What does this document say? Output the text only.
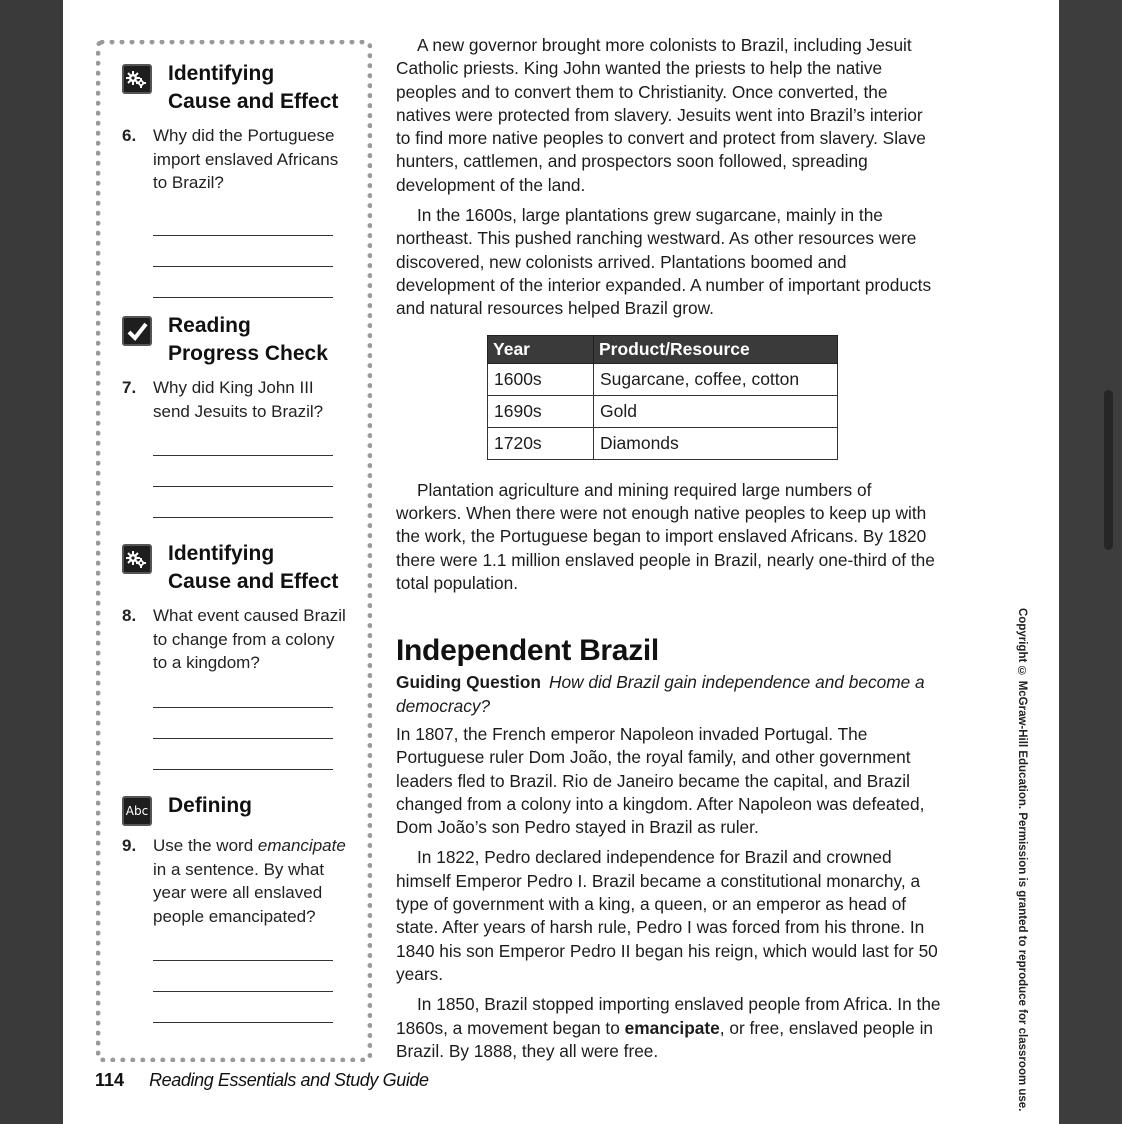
Identifying
Cause and Effect
6. Why did the Portuguese import enslaved Africans to Brazil?
Reading
Progress Check
7. Why did King John III send Jesuits to Brazil?
Identifying
Cause and Effect
8. What event caused Brazil to change from a colony to a kingdom?
Abc Defining
9. Use the word emancipate in a sentence. By what year were all enslaved people emancipated?

A new governor brought more colonists to Brazil, including Jesuit Catholic priests. King John wanted the priests to help the native peoples and to convert them to Christianity. Once converted, the natives were protected from slavery. Jesuits went into Brazil’s interior to find more native peoples to convert and protect from slavery. Slave hunters, cattlemen, and prospectors soon followed, spreading development of the land.

In the 1600s, large plantations grew sugarcane, mainly in the northeast. This pushed ranching westward. As other resources were discovered, new colonists arrived. Plantations boomed and development of the interior expanded. A number of important products and natural resources helped Brazil grow.

Year	Product/Resource
1600s	Sugarcane, coffee, cotton
1690s	Gold
1720s	Diamonds

Plantation agriculture and mining required large numbers of workers. When there were not enough native peoples to keep up with the work, the Portuguese began to import enslaved Africans. By 1820 there were 1.1 million enslaved people in Brazil, nearly one-third of the total population.

Independent Brazil

Guiding Question How did Brazil gain independence and become a democracy?

In 1807, the French emperor Napoleon invaded Portugal. The Portuguese ruler Dom João, the royal family, and other government leaders fled to Brazil. Rio de Janeiro became the capital, and Brazil changed from a colony into a kingdom. After Napoleon was defeated, Dom João’s son Pedro stayed in Brazil as ruler.

In 1822, Pedro declared independence for Brazil and crowned himself Emperor Pedro I. Brazil became a constitutional monarchy, a type of government with a king, a queen, or an emperor as head of state. After years of harsh rule, Pedro I was forced from his throne. In 1840 his son Emperor Pedro II began his reign, which would last for 50 years.

In 1850, Brazil stopped importing enslaved people from Africa. In the 1860s, a movement began to emancipate, or free, enslaved people in Brazil. By 1888, they all were free.

114 Reading Essentials and Study Guide	Copyright © McGraw-Hill Education. Permission is granted to reproduce for classroom use.
